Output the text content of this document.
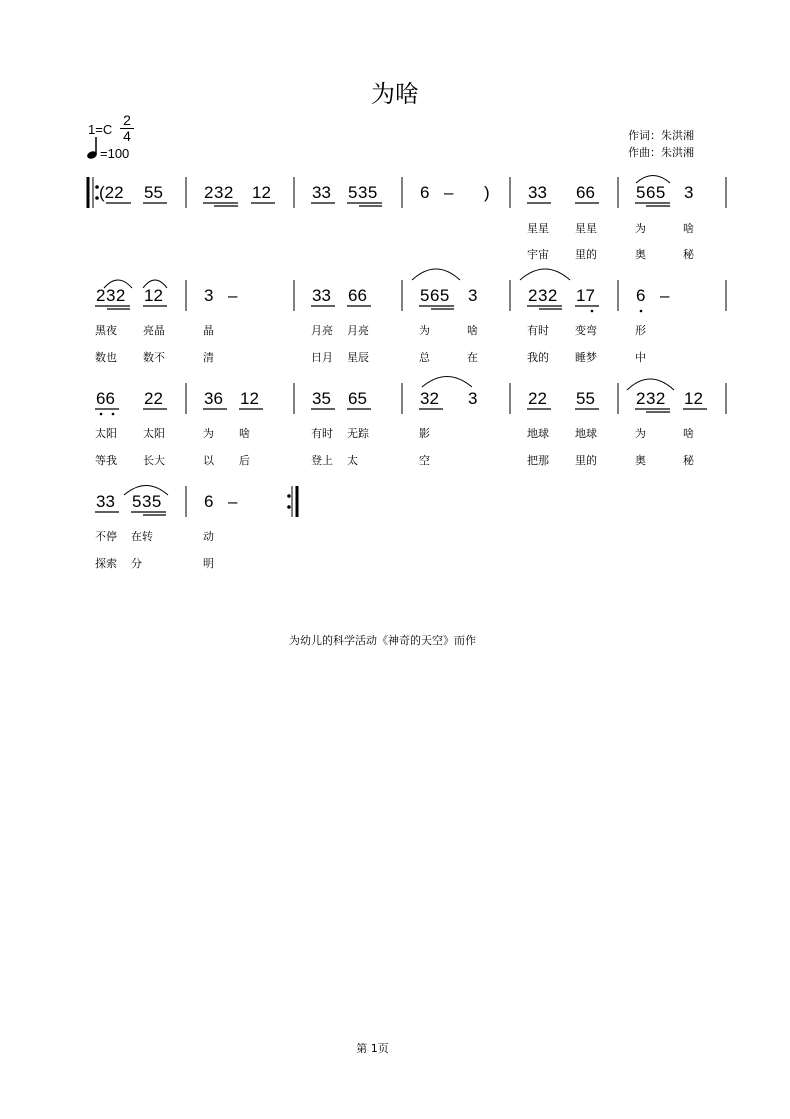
为啥
1=C
2
4
=100
作词：朱洪湘
作曲：朱洪湘
(22 55 232 12 33 535 6 – ) 33 66 565 3
星星 星星	为	啥
宇宙 里的	奥	秘
232 12 3 –	33 66	565 3	232 17 6 –
黑夜 亮晶	晶	月亮 月亮	为	啥	有时 变弯	形
数也 数不	清	日月 星辰	总	在	我的 睡梦	中
66 22 36 12	35 65	32 3	22 55 232 12
太阳 太阳	为 啥	有时 无踪	影	地球 地球	为	啥
等我 长大	以 后	登上 太	空	把那 里的	奥	秘
33 535 6 –
不停 在转	动
探索 分	明
为幼儿的科学活动《神奇的天空》而作
第 1页
